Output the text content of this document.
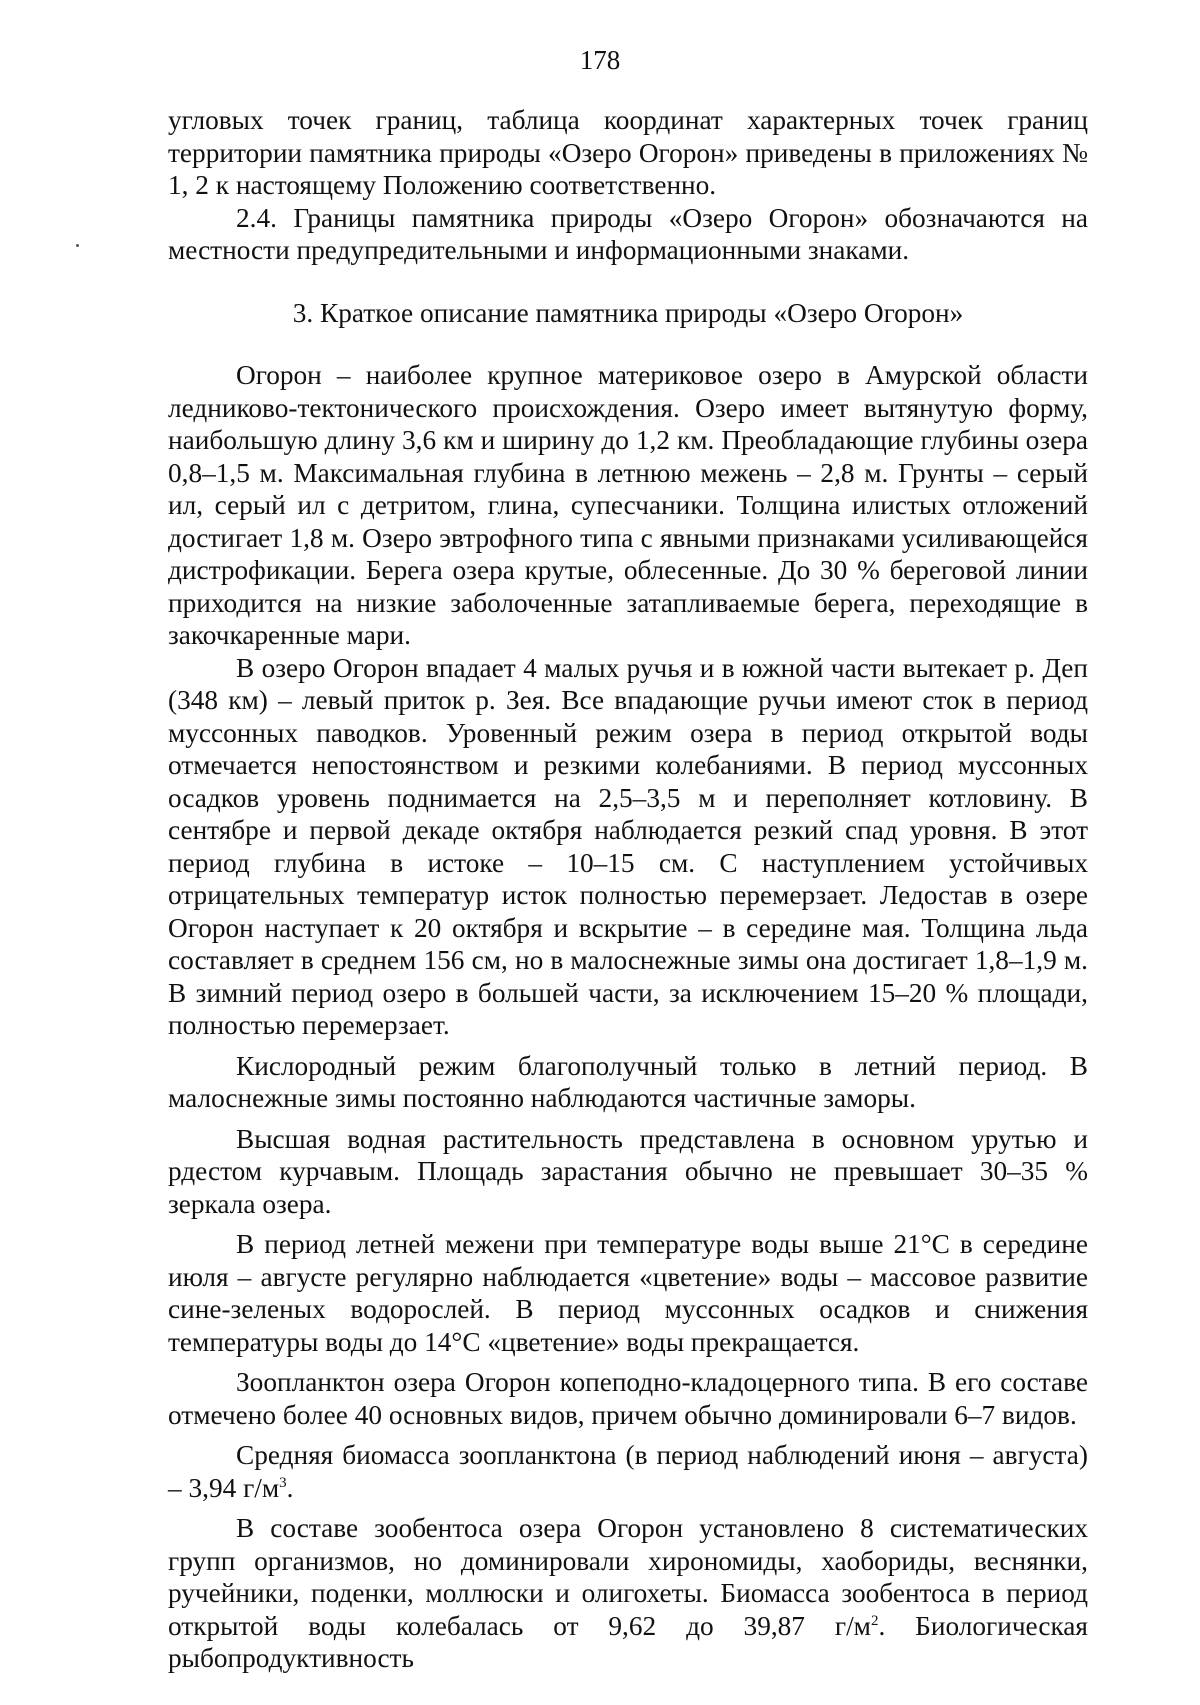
178

угловых точек границ, таблица координат характерных точек границ территории памятника природы «Озеро Огорон» приведены в приложениях № 1, 2 к настоящему Положению соответственно.

2.4. Границы памятника природы «Озеро Огорон» обозначаются на местности предупредительными и информационными знаками.

3. Краткое описание памятника природы «Озеро Огорон»

Огорон – наиболее крупное материковое озеро в Амурской области ледниково-тектонического происхождения. Озеро имеет вытянутую форму, наибольшую длину 3,6 км и ширину до 1,2 км. Преобладающие глубины озера 0,8–1,5 м. Максимальная глубина в летнюю межень – 2,8 м. Грунты – серый ил, серый ил с детритом, глина, супесчаники. Толщина илистых отложений достигает 1,8 м. Озеро эвтрофного типа с явными признаками усиливающейся дистрофикации. Берега озера крутые, облесенные. До 30 % береговой линии приходится на низкие заболоченные затапливаемые берега, переходящие в закочкаренные мари.

В озеро Огорон впадает 4 малых ручья и в южной части вытекает р. Деп (348 км) – левый приток р. Зея. Все впадающие ручьи имеют сток в период муссонных паводков. Уровенный режим озера в период открытой воды отмечается непостоянством и резкими колебаниями. В период муссонных осадков уровень поднимается на 2,5–3,5 м и переполняет котловину. В сентябре и первой декаде октября наблюдается резкий спад уровня. В этот период глубина в истоке – 10–15 см. С наступлением устойчивых отрицательных температур исток полностью перемерзает. Ледостав в озере Огорон наступает к 20 октября и вскрытие – в середине мая. Толщина льда составляет в среднем 156 см, но в малоснежные зимы она достигает 1,8–1,9 м. В зимний период озеро в большей части, за исключением 15–20 % площади, полностью перемерзает.

Кислородный режим благополучный только в летний период. В малоснежные зимы постоянно наблюдаются частичные заморы.

Высшая водная растительность представлена в основном урутью и рдестом курчавым. Площадь зарастания обычно не превышает 30–35 % зеркала озера.

В период летней межени при температуре воды выше 21°С в середине июля – августе регулярно наблюдается «цветение» воды – массовое развитие сине-зеленых водорослей. В период муссонных осадков и снижения температуры воды до 14°С «цветение» воды прекращается.

Зоопланктон озера Огорон копеподно-кладоцерного типа. В его составе отмечено более 40 основных видов, причем обычно доминировали 6–7 видов.

Средняя биомасса зоопланктона (в период наблюдений июня – августа) – 3,94 $г/м^3$.

В составе зообентоса озера Огорон установлено 8 систематических групп организмов, но доминировали хирономиды, хаобориды, веснянки, ручейники, поденки, моллюски и олигохеты. Биомасса зообентоса в период открытой воды колебалась от 9,62 до 39,87 $г/м^2$. Биологическая рыбопродуктивность
